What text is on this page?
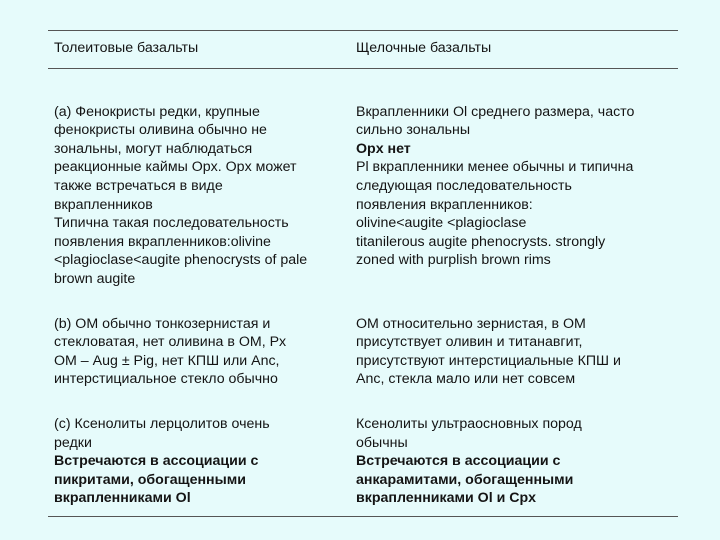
Толеитовые базальты	Щелочные базальты
(a) Фенокристы редки, крупные
фенокристы оливина обычно не
зональны, могут наблюдаться
реакционные каймы Opx. Opx может
также встречаться в виде
вкрапленников
Типична такая последовательность
появления вкрапленников:olivine
<plagioclase<augite phenocrysts of pale
brown augite
Вкрапленники Ol среднего размера, часто
сильно зональны
Opx нет
Pl вкрапленники менее обычны и типична
следующая последовательность
появления вкрапленников:
olivine<augite <plagioclase
titanilerous augite phenocrysts. strongly
zoned with purplish brown rims
(b) ОМ обычно тонкозернистая и
стекловатая, нет оливина в ОМ, Px
ОМ – Aug ± Pig, нет КПШ или Anc,
интерстициальное стекло обычно
ОМ относительно зернистая, в ОМ
присутствует оливин и титанавгит,
присутствуют интерстициальные КПШ и
Anc, стекла мало или нет совсем
(c) Ксенолиты лерцолитов очень
редки
Встречаются в ассоциации с
пикритами, обогащенными
вкрапленниками Ol
Ксенолиты ультраосновных пород
обычны
Встречаются в ассоциации с
анкарамитами, обогащенными
вкрапленниками Ol и Cpx
